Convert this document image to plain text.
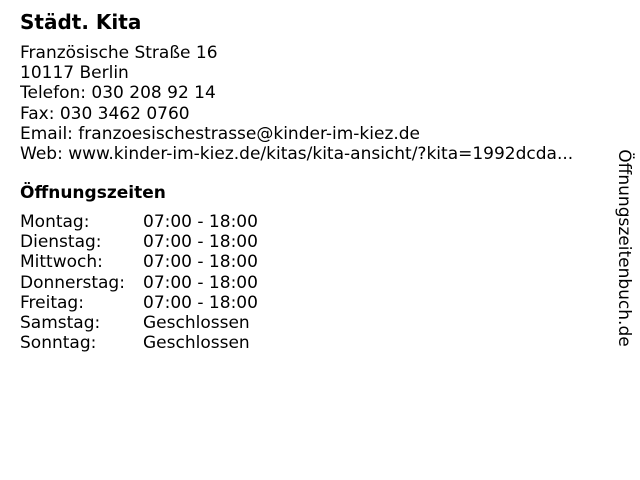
Städt. Kita
Französische Straße 16
10117 Berlin
Telefon: 030 208 92 14
Fax: 030 3462 0760
Email: franzoesischestrasse@kinder-im-kiez.de
Web: www.kinder-im-kiez.de/kitas/kita-ansicht/?kita=1992dcda...
Öffnungszeiten
Montag:	07:00 - 18:00
Dienstag: 07:00 - 18:00
Mittwoch: 07:00 - 18:00
Donnerstag: 07:00 - 18:00
Freitag:	07:00 - 18:00
Samstag:	Geschlossen
Sonntag:	Geschlossen	Öffnungszeitenbuch.de
